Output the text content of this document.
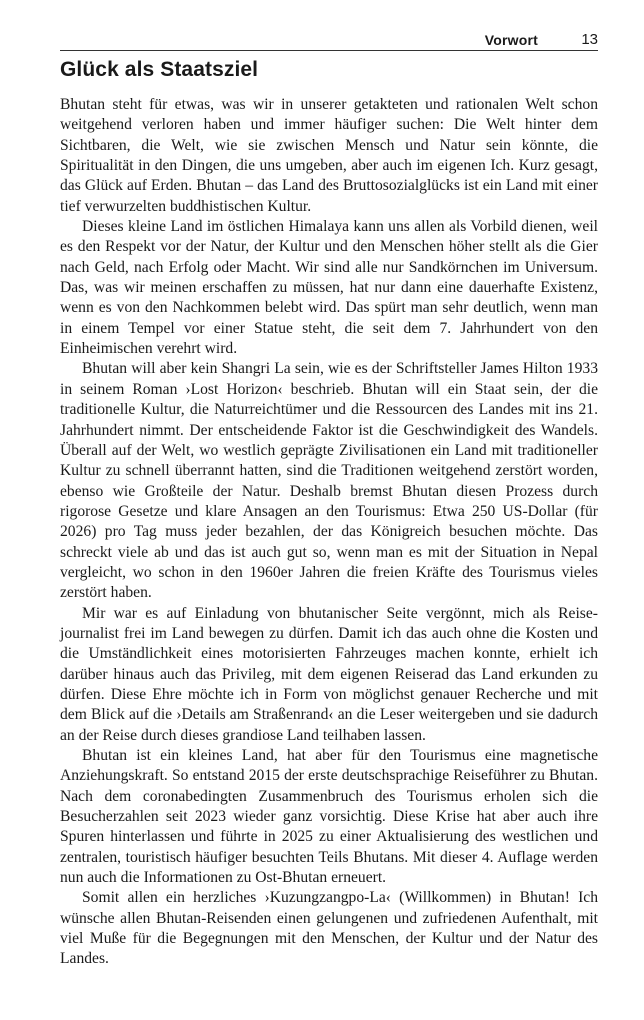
Vorwort	13
Glück als Staatsziel

Bhutan steht für etwas, was wir in unserer getakteten und rationalen Welt schon weitgehend verloren haben und immer häufiger suchen: Die Welt hinter dem Sichtbaren, die Welt, wie sie zwischen Mensch und Natur sein könnte, die Spiritualität in den Dingen, die uns umgeben, aber auch im eigenen Ich. Kurz gesagt, das Glück auf Erden. Bhutan – das Land des Bruttosozialglücks ist ein Land mit einer tief verwurzelten buddhistischen Kultur.

Dieses kleine Land im östlichen Himalaya kann uns allen als Vorbild dienen, weil es den Respekt vor der Natur, der Kultur und den Menschen höher stellt als die Gier nach Geld, nach Erfolg oder Macht. Wir sind alle nur Sandkörnchen im Universum. Das, was wir meinen erschaffen zu müssen, hat nur dann eine dauerhafte Existenz, wenn es von den Nachkommen belebt wird. Das spürt man sehr deutlich, wenn man in einem Tempel vor einer Statue steht, die seit dem 7. Jahrhundert von den Einheimischen verehrt wird.

Bhutan will aber kein Shangri La sein, wie es der Schriftsteller James Hilton 1933 in seinem Roman ›Lost Horizon‹ beschrieb. Bhutan will ein Staat sein, der die traditionelle Kultur, die Naturreichtümer und die Ressourcen des Landes mit ins 21. Jahrhundert nimmt. Der entscheidende Faktor ist die Geschwindigkeit des Wandels. Überall auf der Welt, wo westlich geprägte Zivilisationen ein Land mit traditioneller Kultur zu schnell überrannt hatten, sind die Traditionen weitgehend zerstört worden, ebenso wie Großteile der Natur. Deshalb bremst Bhutan diesen Prozess durch rigorose Gesetze und klare Ansagen an den Tourismus: Etwa 250 US-Dollar (für 2026) pro Tag muss jeder bezahlen, der das Königreich besuchen möchte. Das schreckt viele ab und das ist auch gut so, wenn man es mit der Situation in Nepal vergleicht, wo schon in den 1960er Jahren die freien Kräfte des Tourismus vieles zerstört haben.

Mir war es auf Einladung von bhutanischer Seite vergönnt, mich als Reisejournalist frei im Land bewegen zu dürfen. Damit ich das auch ohne die Kosten und die Umständlichkeit eines motorisierten Fahrzeuges machen konnte, erhielt ich darüber hinaus auch das Privileg, mit dem eigenen Reiserad das Land erkunden zu dürfen. Diese Ehre möchte ich in Form von möglichst genauer Recherche und mit dem Blick auf die ›Details am Straßenrand‹ an die Leser weitergeben und sie dadurch an der Reise durch dieses grandiose Land teilhaben lassen.

Bhutan ist ein kleines Land, hat aber für den Tourismus eine magnetische Anziehungskraft. So entstand 2015 der erste deutschsprachige Reiseführer zu Bhutan. Nach dem coronabedingten Zusammenbruch des Tourismus erholen sich die Besucherzahlen seit 2023 wieder ganz vorsichtig. Diese Krise hat aber auch ihre Spuren hinterlassen und führte in 2025 zu einer Aktualisierung des westlichen und zentralen, touristisch häufiger besuchten Teils Bhutans. Mit dieser 4. Auflage werden nun auch die Informationen zu Ost-Bhutan erneuert.

Somit allen ein herzliches ›Kuzungzangpo-La‹ (Willkommen) in Bhutan! Ich wünsche allen Bhutan-Reisenden einen gelungenen und zufriedenen Aufenthalt, mit viel Muße für die Begegnungen mit den Menschen, der Kultur und der Natur des Landes.
